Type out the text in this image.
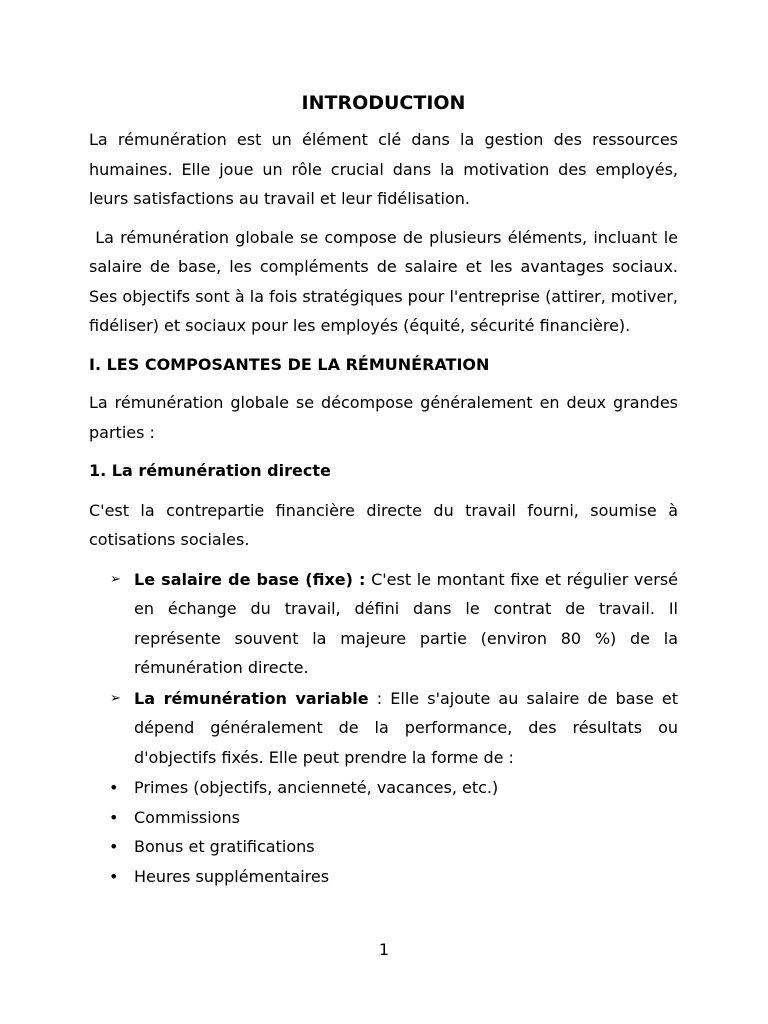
INTRODUCTION

La rémunération est un élément clé dans la gestion des ressources humaines. Elle joue un rôle crucial dans la motivation des employés, leurs satisfactions au travail et leur fidélisation.

La rémunération globale se compose de plusieurs éléments, incluant le salaire de base, les compléments de salaire et les avantages sociaux. Ses objectifs sont à la fois stratégiques pour l'entreprise (attirer, motiver, fidéliser) et sociaux pour les employés (équité, sécurité financière).

I. LES COMPOSANTES DE LA RÉMUNÉRATION

La rémunération globale se décompose généralement en deux grandes parties :

1. La rémunération directe

C'est la contrepartie financière directe du travail fourni, soumise à cotisations sociales.

➢ Le salaire de base (fixe) : C'est le montant fixe et régulier versé en échange du travail, défini dans le contrat de travail. Il représente souvent la majeure partie (environ 80 %) de la rémunération directe.
➢ La rémunération variable : Elle s'ajoute au salaire de base et dépend généralement de la performance, des résultats ou d'objectifs fixés. Elle peut prendre la forme de :
• Primes (objectifs, ancienneté, vacances, etc.)
• Commissions
• Bonus et gratifications
• Heures supplémentaires
1
